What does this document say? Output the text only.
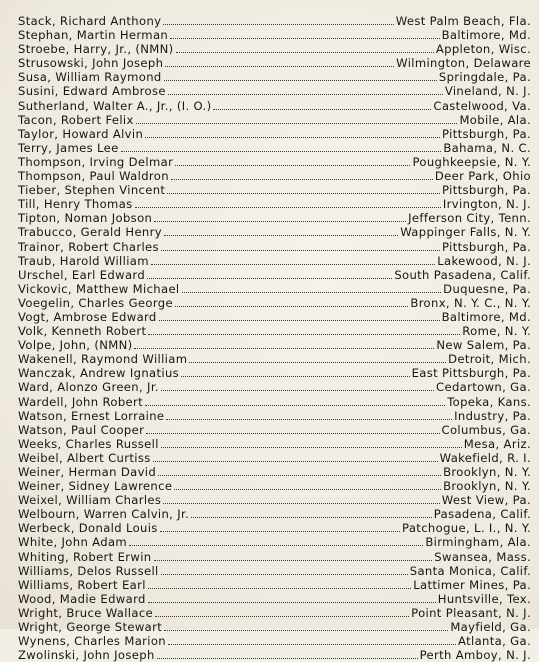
Stack, Richard Anthony	West Palm Beach, Fla.
Stephan, Martin Herman	Baltimore, Md.
Stroebe, Harry, Jr., (NMN)	Appleton, Wisc.
Strusowski, John Joseph	Wilmington, Delaware
Susa, William Raymond	Springdale, Pa.
Susini, Edward Ambrose	Vineland, N. J.
Sutherland, Walter A., Jr., (I. O.)	Castelwood, Va.
Tacon, Robert Felix	Mobile, Ala.
Taylor, Howard Alvin	Pittsburgh, Pa.
Terry, James Lee	Bahama, N. C.
Thompson, Irving Delmar	Poughkeepsie, N. Y.
Thompson, Paul Waldron	Deer Park, Ohio
Tieber, Stephen Vincent	Pittsburgh, Pa.
Till, Henry Thomas	Irvington, N. J.
Tipton, Noman Jobson	Jefferson City, Tenn.
Trabucco, Gerald Henry	Wappinger Falls, N. Y.
Trainor, Robert Charles	Pittsburgh, Pa.
Traub, Harold William	Lakewood, N. J.
Urschel, Earl Edward	South Pasadena, Calif.
Vickovic, Matthew Michael	Duquesne, Pa.
Voegelin, Charles George	Bronx, N. Y. C., N. Y.
Vogt, Ambrose Edward	Baltimore, Md.
Volk, Kenneth Robert	Rome, N. Y.
Volpe, John, (NMN)	New Salem, Pa.
Wakenell, Raymond William	Detroit, Mich.
Wanczak, Andrew Ignatius	East Pittsburgh, Pa.
Ward, Alonzo Green, Jr.	Cedartown, Ga.
Wardell, John Robert	Topeka, Kans.
Watson, Ernest Lorraine	Industry, Pa.
Watson, Paul Cooper	Columbus, Ga.
Weeks, Charles Russell	Mesa, Ariz.
Weibel, Albert Curtiss	Wakefield, R. I.
Weiner, Herman David	Brooklyn, N. Y.
Weiner, Sidney Lawrence	Brooklyn, N. Y.
Weixel, William Charles	West View, Pa.
Welbourn, Warren Calvin, Jr.	Pasadena, Calif.
Werbeck, Donald Louis	Patchogue, L. I., N. Y.
White, John Adam	Birmingham, Ala.
Whiting, Robert Erwin	Swansea, Mass.
Williams, Delos Russell	Santa Monica, Calif.
Williams, Robert Earl	Lattimer Mines, Pa.
Wood, Madie Edward	Huntsville, Tex.
Wright, Bruce Wallace	Point Pleasant, N. J.
Wright, George Stewart	Mayfield, Ga.
Wynens, Charles Marion	Atlanta, Ga.
Zwolinski, John Joseph	Perth Amboy, N. J.
